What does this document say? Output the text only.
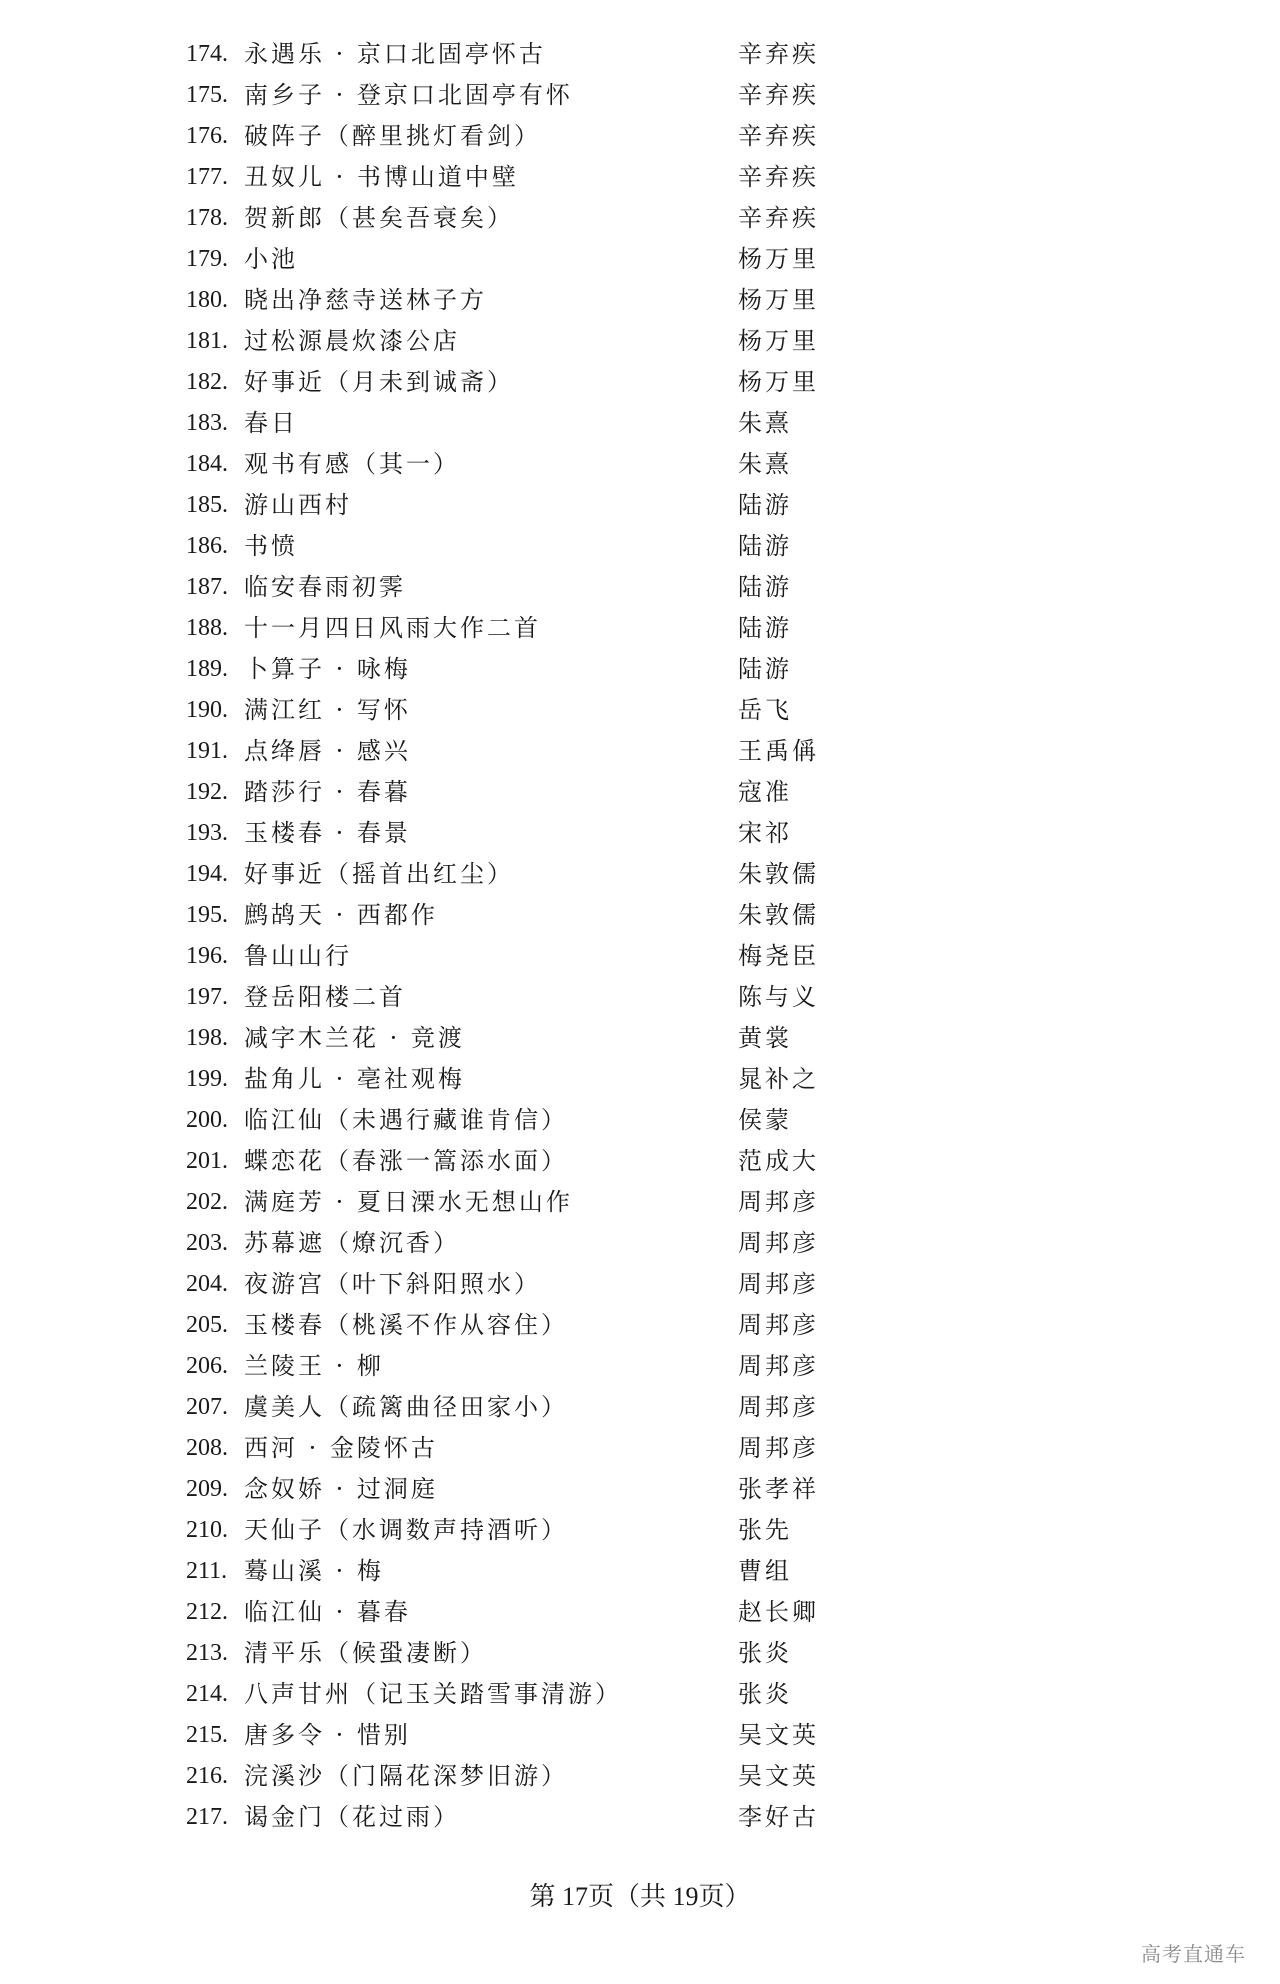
174. 永遇乐 · 京口北固亭怀古	辛弃疾
175. 南乡子 · 登京口北固亭有怀	辛弃疾
176. 破阵子（醉里挑灯看剑）	辛弃疾
177. 丑奴儿 · 书博山道中壁	辛弃疾
178. 贺新郎（甚矣吾衰矣）	辛弃疾
179. 小池	杨万里
180. 晓出净慈寺送林子方	杨万里
181. 过松源晨炊漆公店	杨万里
182. 好事近（月未到诚斋）	杨万里
183. 春日	朱熹
184. 观书有感（其一）	朱熹
185. 游山西村	陆游
186. 书愤	陆游
187. 临安春雨初霁	陆游
188. 十一月四日风雨大作二首	陆游
189. 卜算子 · 咏梅	陆游
190. 满江红 · 写怀	岳飞
191. 点绛唇 · 感兴	王禹偁
192. 踏莎行 · 春暮	寇准
193. 玉楼春 · 春景	宋祁
194. 好事近（摇首出红尘）	朱敦儒
195. 鹧鸪天 · 西都作	朱敦儒
196. 鲁山山行	梅尧臣
197. 登岳阳楼二首	陈与义
198. 减字木兰花 · 竞渡	黄裳
199. 盐角儿 · 亳社观梅	晁补之
200. 临江仙（未遇行藏谁肯信）	侯蒙
201. 蝶恋花（春涨一篙添水面）	范成大
202. 满庭芳 · 夏日溧水无想山作	周邦彦
203. 苏幕遮（燎沉香）	周邦彦
204. 夜游宫（叶下斜阳照水）	周邦彦
205. 玉楼春（桃溪不作从容住）	周邦彦
206. 兰陵王 · 柳	周邦彦
207. 虞美人（疏篱曲径田家小）	周邦彦
208. 西河 · 金陵怀古	周邦彦
209. 念奴娇 · 过洞庭	张孝祥
210. 天仙子（水调数声持酒听）	张先
211. 蓦山溪 · 梅	曹组
212. 临江仙 · 暮春	赵长卿
213. 清平乐（候蛩凄断）	张炎
214. 八声甘州（记玉关踏雪事清游）	张炎
215. 唐多令 · 惜别	吴文英
216. 浣溪沙（门隔花深梦旧游）	吴文英
217. 谒金门（花过雨）	李好古
第 17页（共 19页）
高考直通车
